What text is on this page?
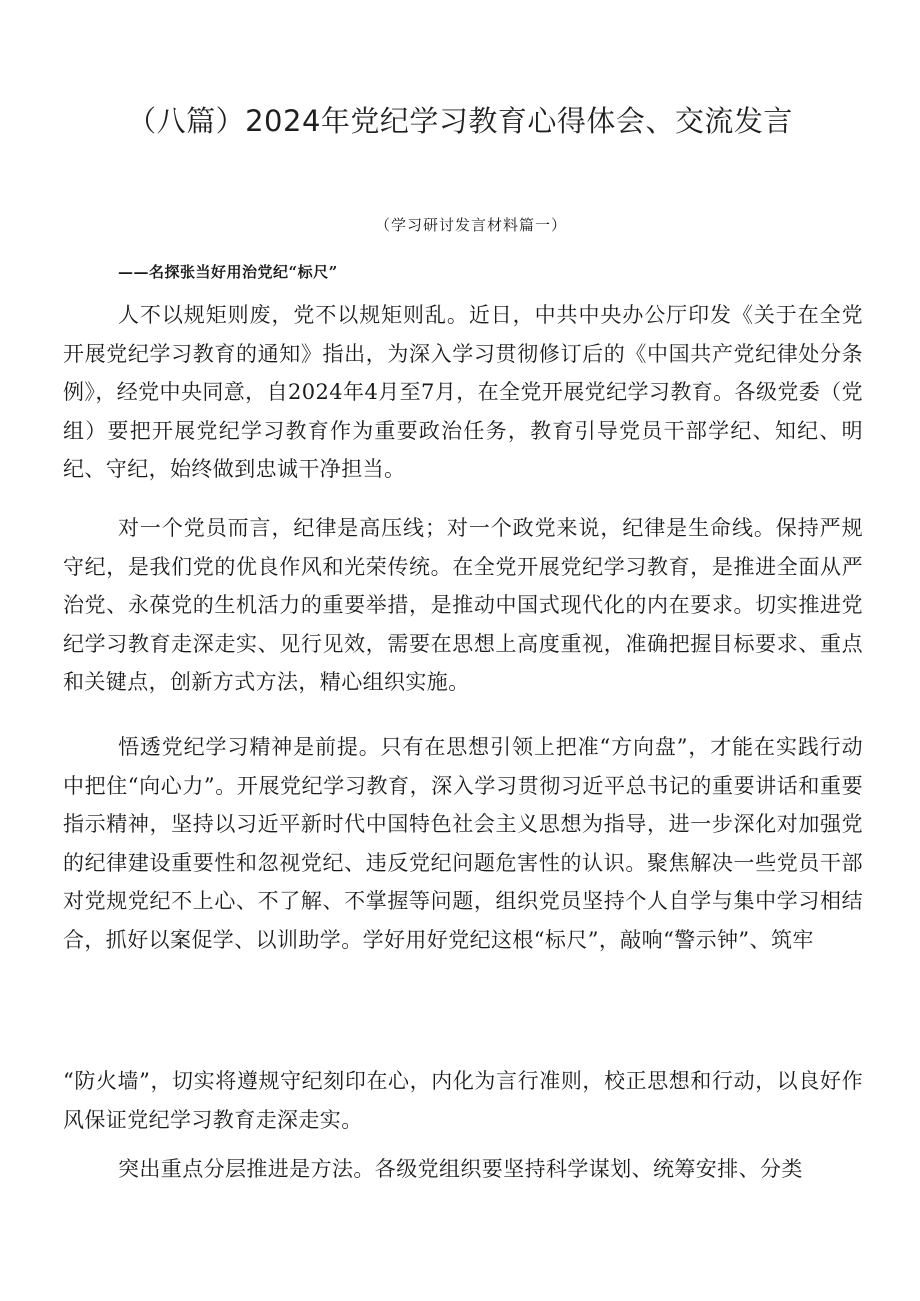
（八篇）2024年党纪学习教育心得体会、交流发言
（学习研讨发言材料篇一）
——名探张当好用治党纪“标尺”

人不以规矩则废，党不以规矩则乱。近日，中共中央办公厅印发《关于在全党开展党纪学习教育的通知》指出，为深入学习贯彻修订后的《中国共产党纪律处分条例》，经党中央同意，自2024年4月至7月，在全党开展党纪学习教育。各级党委（党组）要把开展党纪学习教育作为重要政治任务，教育引导党员干部学纪、知纪、明纪、守纪，始终做到忠诚干净担当。

对一个党员而言，纪律是高压线；对一个政党来说，纪律是生命线。保持严规守纪，是我们党的优良作风和光荣传统。在全党开展党纪学习教育，是推进全面从严治党、永葆党的生机活力的重要举措，是推动中国式现代化的内在要求。切实推进党纪学习教育走深走实、见行见效，需要在思想上高度重视，准确把握目标要求、重点和关键点，创新方式方法，精心组织实施。

悟透党纪学习精神是前提。只有在思想引领上把准“方向盘”，才能在实践行动中把住“向心力”。开展党纪学习教育，深入学习贯彻习近平总书记的重要讲话和重要指示精神，坚持以习近平新时代中国特色社会主义思想为指导，进一步深化对加强党的纪律建设重要性和忽视党纪、违反党纪问题危害性的认识。聚焦解决一些党员干部对党规党纪不上心、不了解、不掌握等问题，组织党员坚持个人自学与集中学习相结合，抓好以案促学、以训助学。学好用好党纪这根“标尺”，敲响“警示钟”、筑牢

“防火墙”，切实将遵规守纪刻印在心，内化为言行准则，校正思想和行动，以良好作风保证党纪学习教育走深走实。

突出重点分层推进是方法。各级党组织要坚持科学谋划、统筹安排、分类
